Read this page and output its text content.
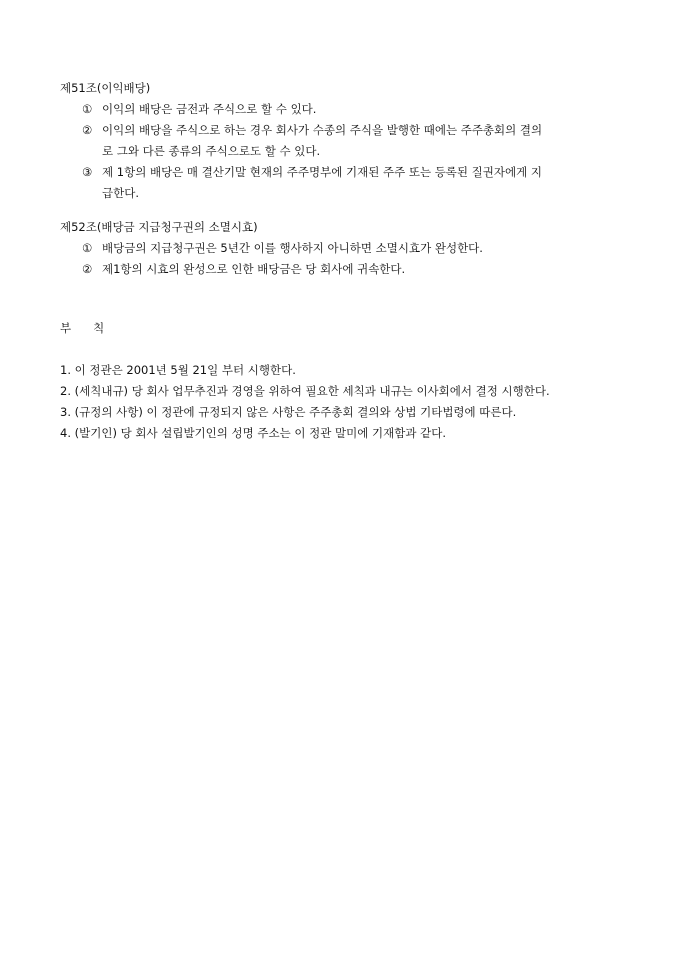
제51조(이익배당)
① 이익의 배당은 금전과 주식으로 할 수 있다.
② 이익의 배당을 주식으로 하는 경우 회사가 수종의 주식을 발행한 때에는 주주총회의 결의
로 그와 다른 종류의 주식으로도 할 수 있다.
③ 제 1항의 배당은 매 결산기말 현재의 주주명부에 기재된 주주 또는 등록된 질권자에게 지
급한다.
제52조(배당금 지급청구권의 소멸시효)
① 배당금의 지급청구권은 5년간 이를 행사하지 아니하면 소멸시효가 완성한다.
② 제1항의 시효의 완성으로 인한 배당금은 당 회사에 귀속한다.
부 칙
1. 이 정관은 2001년 5월 21일 부터 시행한다.
2. (세칙내규) 당 회사 업무추진과 경영을 위하여 필요한 세칙과 내규는 이사회에서 결정 시행한다.
3. (규정의 사항) 이 정관에 규정되지 않은 사항은 주주총회 결의와 상법 기타법령에 따른다.
4. (발기인) 당 회사 설립발기인의 성명 주소는 이 정관 말미에 기재함과 같다.
